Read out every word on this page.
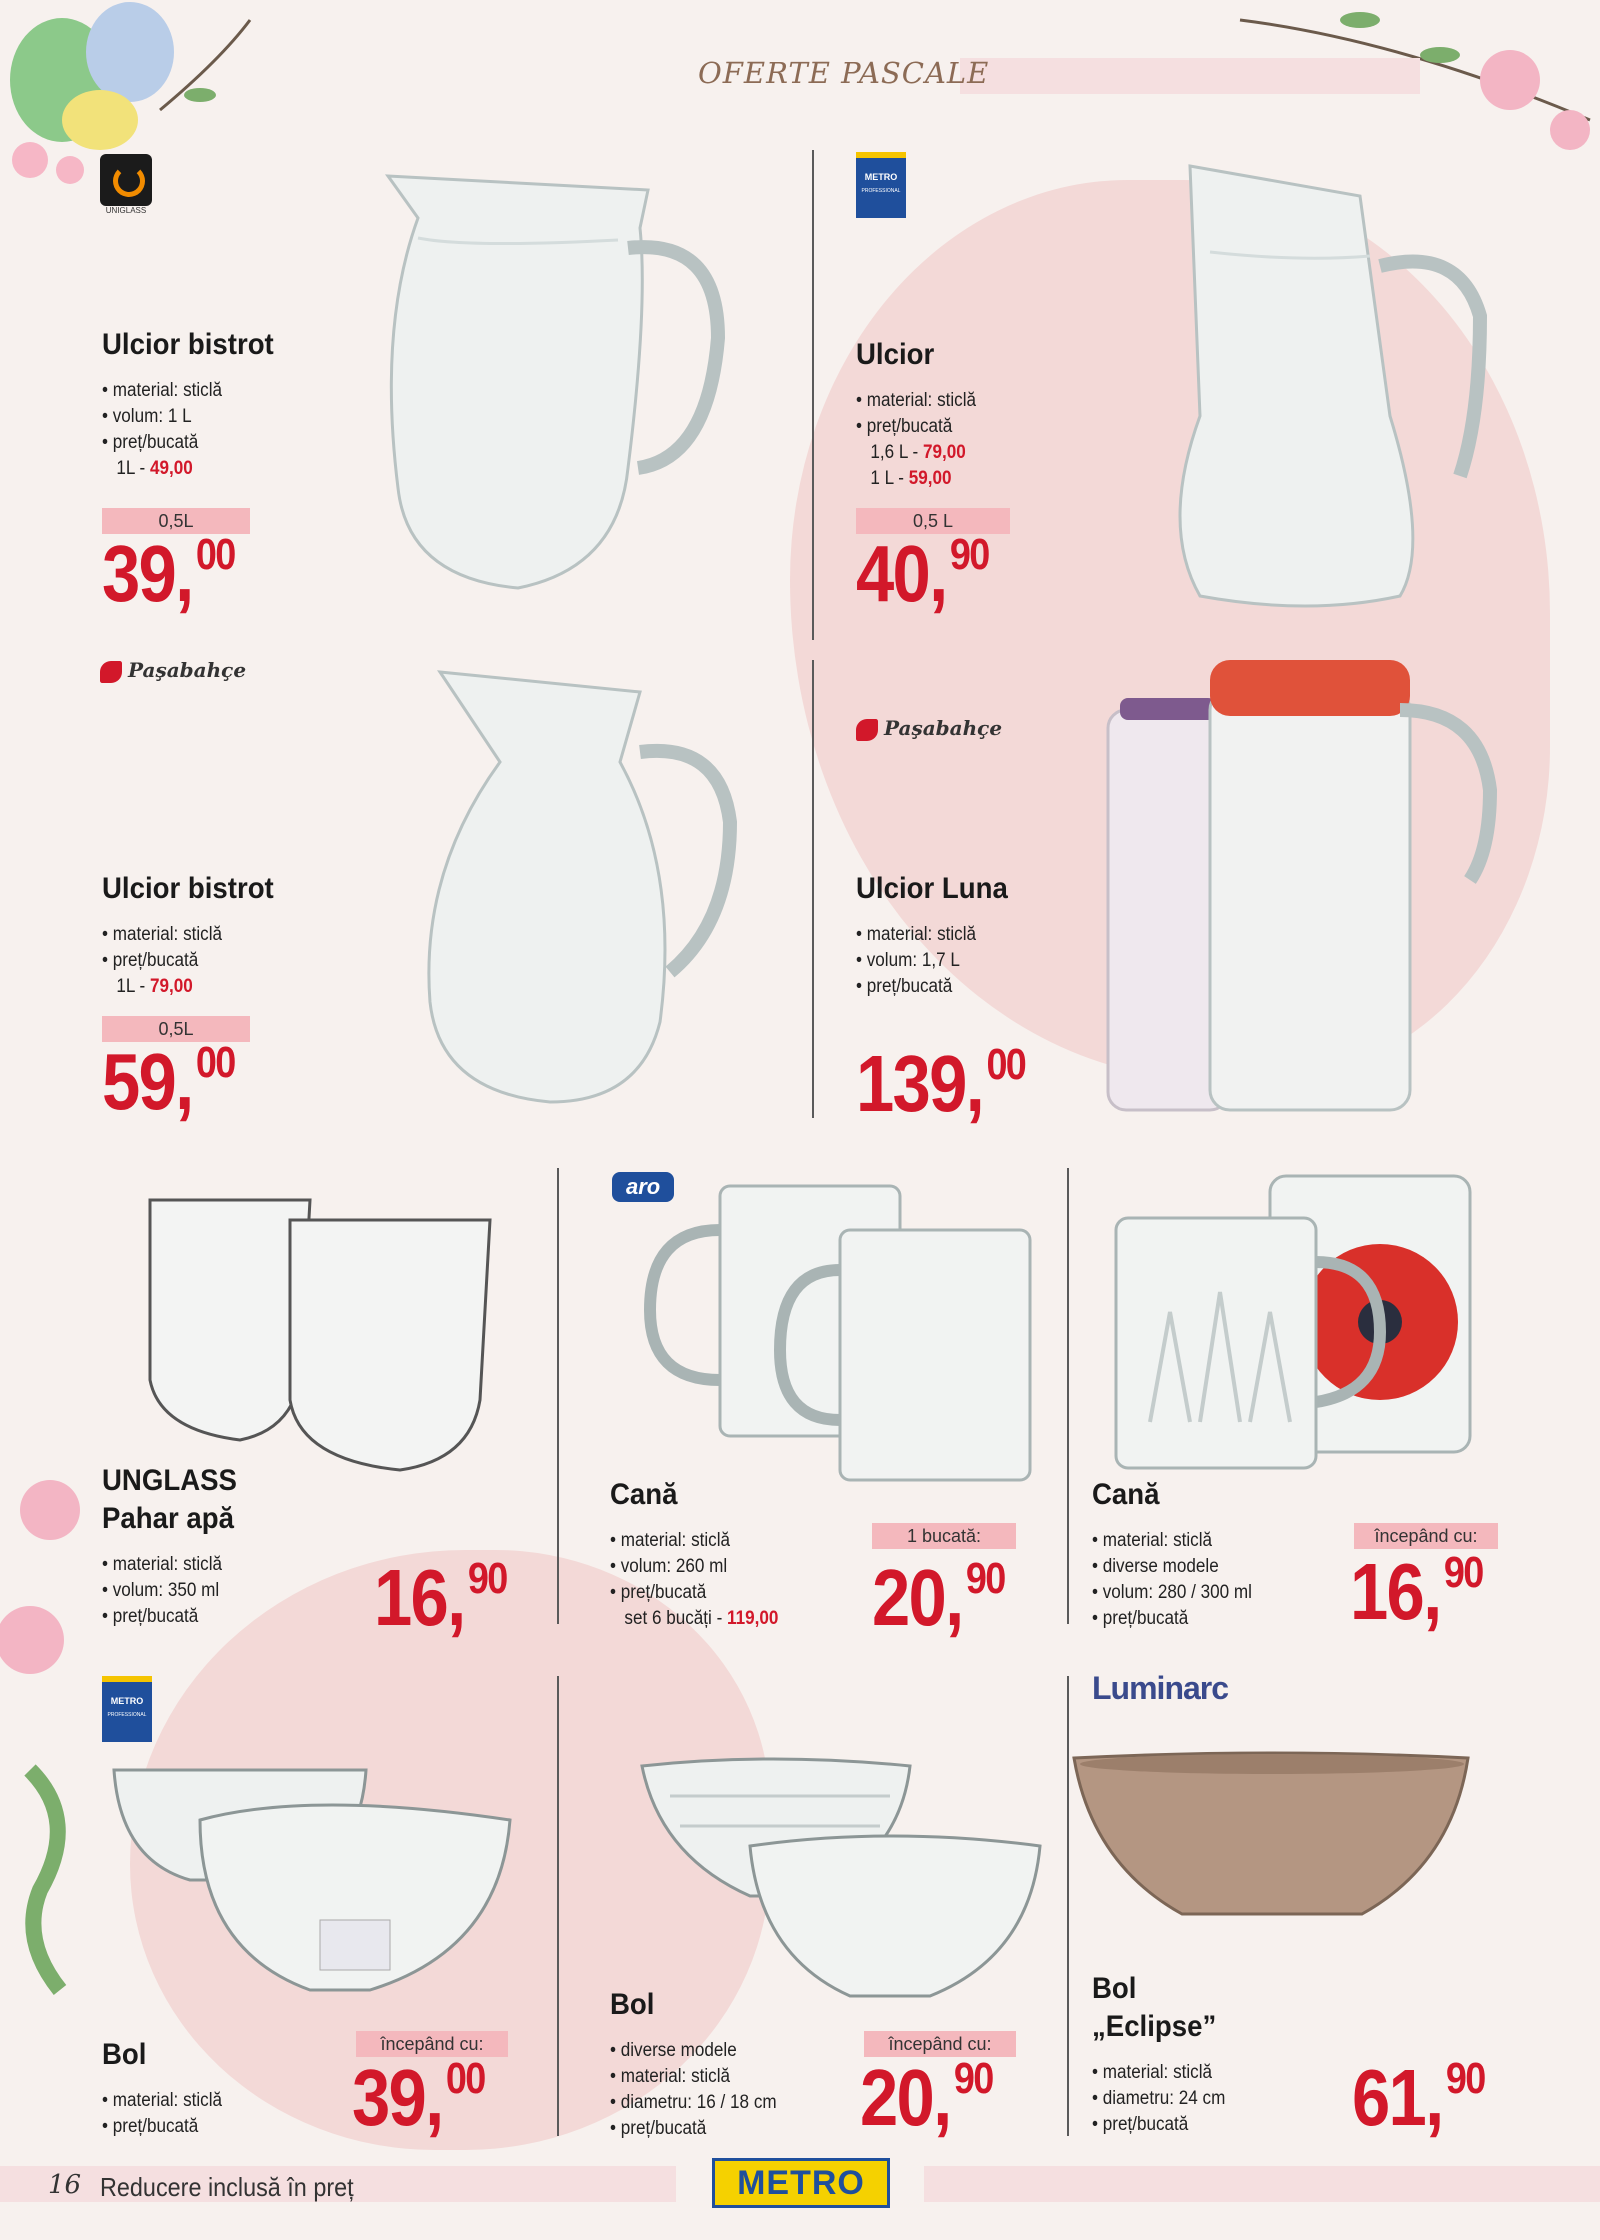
OFERTE PASCALE
UNIGLASS
Ulcior bistrot
• material: sticlă
• volum: 1 L
• preț/bucată
1L - 49,00
0,5L
39,00
METRO
PROFESSIONAL
Ulcior
• material: sticlă
• preț/bucată
1,6 L - 79,00
1 L - 59,00
0,5 L
40,90
Paşabahçe
Ulcior bistrot
• material: sticlă
• preț/bucată
1L - 79,00
0,5L
59,00
Paşabahçe
Ulcior Luna
• material: sticlă
• volum: 1,7 L
• preț/bucată
139,00
UNGLASS
Pahar apă
• material: sticlă
• volum: 350 ml
• preț/bucată	16,90
aro
Cană
• material: sticlă
• volum: 260 ml
• preț/bucată
set 6 bucăți - 119,00
1 bucată:
20,90
Cană
• material: sticlă
• diverse modele
• volum: 280 / 300 ml
• preț/bucată
începând cu:
16,90
METRO
PROFESSIONAL
Bol
• material: sticlă
• preț/bucată
începând cu:
39,00
Bol
• diverse modele
• material: sticlă
• diametru: 16 / 18 cm
• preț/bucată
începând cu:
20,90
Luminarc
Bol
„Eclipse”
• material: sticlă
• diametru: 24 cm
• preț/bucată	61,90
16 Reducere inclusă în preț	METRO
